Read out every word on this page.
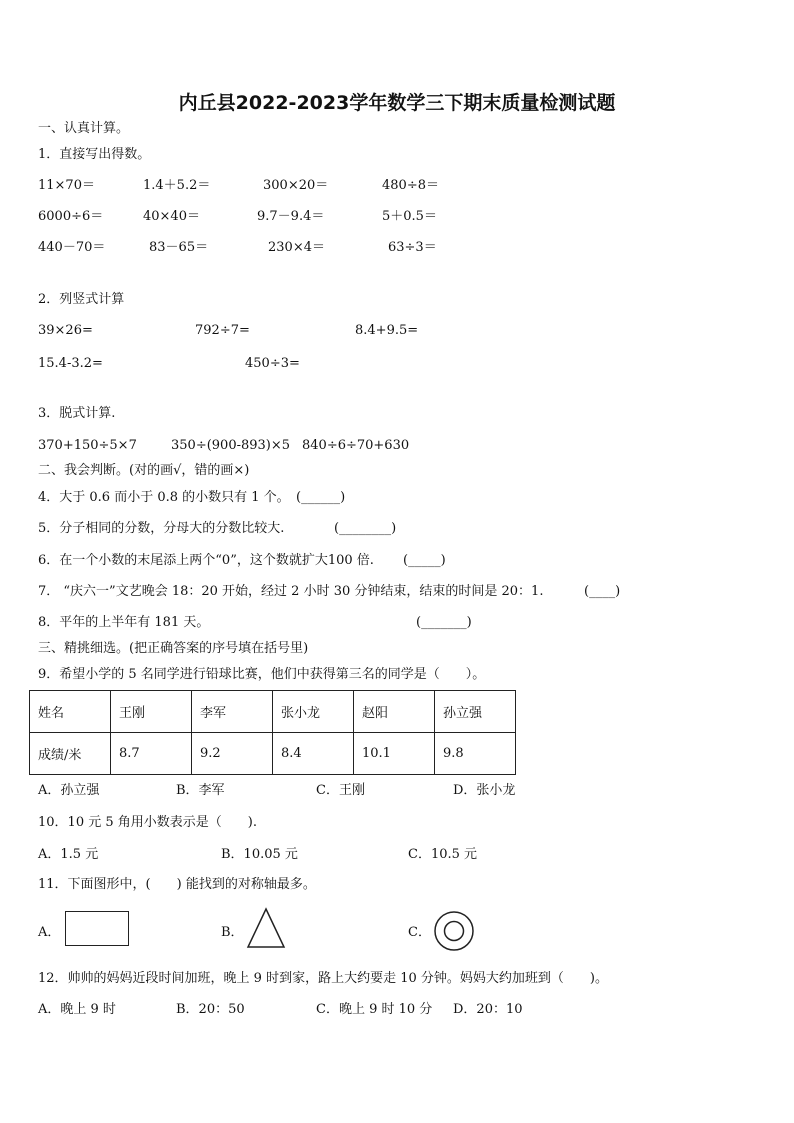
内丘县2022-2023学年数学三下期末质量检测试题
一、认真计算。
1．直接写出得数。
11×70＝	1.4＋5.2＝	300×20＝	480÷8＝
6000÷6＝	40×40＝	9.7－9.4＝	5＋0.5＝
440－70＝	83－65＝	230×4＝	63÷3＝
2．列竖式计算
39×26=	792÷7=	8.4+9.5=
15.4-3.2=	450÷3=
3．脱式计算.
370+150÷5×7	350÷(900-893)×5 840÷6÷70+630
二、我会判断。(对的画√，错的画×)
4．大于 0.6 而小于 0.8 的小数只有 1 个。 (______)
5．分子相同的分数，分母大的分数比较大.	(________)
6．在一个小数的末尾添上两个“0”，这个数就扩大100 倍. (_____)
7． “庆六一”文艺晚会 18：20 开始，经过 2 小时 30 分钟结束，结束的时间是 20：1.	(____)
8．平年的上半年有 181 天。	(_______)
三、精挑细选。(把正确答案的序号填在括号里)
9．希望小学的 5 名同学进行铅球比赛，他们中获得第三名的同学是（　　）。
姓名	王刚	李军	张小龙	赵阳	孙立强
成绩/米	8.7	9.2	8.4	10.1	9.8
A．孙立强	B．李军	C．王刚	D．张小龙
10．10 元 5 角用小数表示是（　　).
A．1.5 元	B．10.05 元	C．10.5 元
11．下面图形中，(　　) 能找到的对称轴最多。
A．	B．	C．
12．帅帅的妈妈近段时间加班，晚上 9 时到家，路上大约要走 10 分钟。妈妈大约加班到（　　)。
A．晚上 9 时	B．20：50	C．晚上 9 时 10 分 D．20：10
